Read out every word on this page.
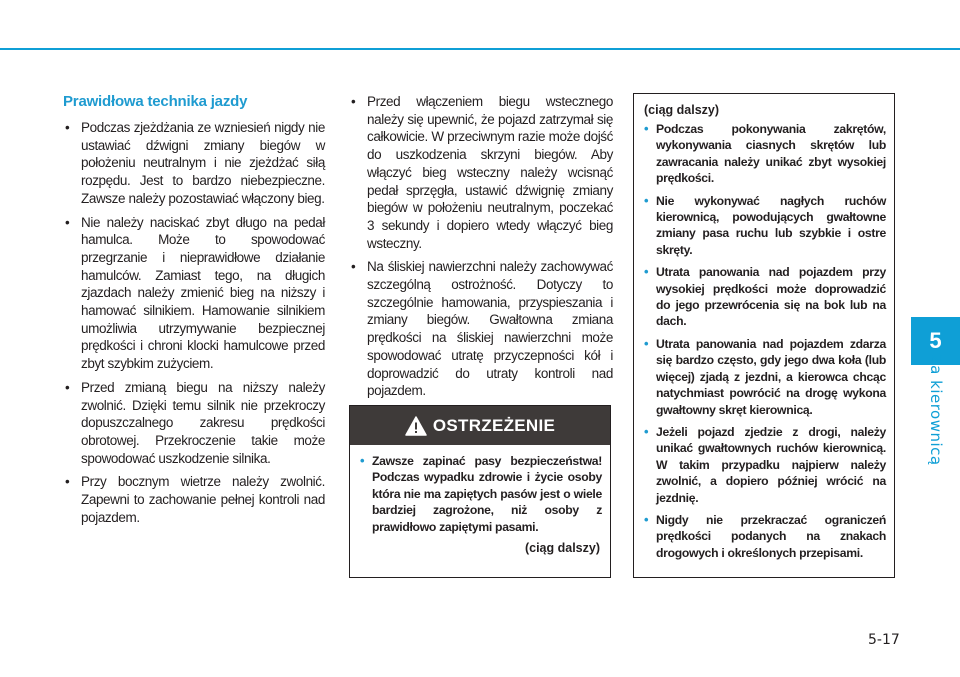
5
Za kierownicą
Prawidłowa technika jazdy
• Podczas zjeżdżania ze wzniesień nigdy nie ustawiać dźwigni zmiany biegów w położeniu neutralnym i nie zjeżdżać siłą rozpędu. Jest to bardzo niebezpieczne. Zawsze należy pozostawiać włączony bieg.
• Nie należy naciskać zbyt długo na pedał hamulca. Może to spowodować przegrzanie i nieprawidłowe działanie hamulców. Zamiast tego, na długich zjazdach należy zmienić bieg na niższy i hamować silnikiem. Hamowanie silnikiem umożliwia utrzymywanie bezpiecznej prędkości i chroni klocki hamulcowe przed zbyt szybkim zużyciem.
• Przed zmianą biegu na niższy należy zwolnić. Dzięki temu silnik nie przekroczy dopuszczalnego zakresu prędkości obrotowej. Przekroczenie takie może spowodować uszkodzenie silnika.
• Przy bocznym wietrze należy zwolnić. Zapewni to zachowanie pełnej kontroli nad pojazdem.
• Przed włączeniem biegu wstecznego należy się upewnić, że pojazd zatrzymał się całkowicie. W przeciwnym razie może dojść do uszkodzenia skrzyni biegów. Aby włączyć bieg wsteczny należy wcisnąć pedał sprzęgła, ustawić dźwignię zmiany biegów w położeniu neutralnym, poczekać 3 sekundy i dopiero wtedy włączyć bieg wsteczny.
• Na śliskiej nawierzchni należy zachowywać szczególną ostrożność. Dotyczy to szczególnie hamowania, przyspieszania i zmiany biegów. Gwałtowna zmiana prędkości na śliskiej nawierzchni może spowodować utratę przyczepności kół i doprowadzić do utraty kontroli nad pojazdem.
OSTRZEŻENIE
• Zawsze zapinać pasy bezpieczeństwa! Podczas wypadku zdrowie i życie osoby która nie ma zapiętych pasów jest o wiele bardziej zagrożone, niż osoby z prawidłowo zapiętymi pasami.
(ciąg dalszy)
(ciąg dalszy)
• Podczas pokonywania zakrętów, wykonywania ciasnych skrętów lub zawracania należy unikać zbyt wysokiej prędkości.
• Nie wykonywać nagłych ruchów kierownicą, powodujących gwałtowne zmiany pasa ruchu lub szybkie i ostre skręty.
• Utrata panowania nad pojazdem przy wysokiej prędkości może doprowadzić do jego przewrócenia się na bok lub na dach.
• Utrata panowania nad pojazdem zdarza się bardzo często, gdy jego dwa koła (lub więcej) zjadą z jezdni, a kierowca chcąc natychmiast powrócić na drogę wykona gwałtowny skręt kierownicą.
• Jeżeli pojazd zjedzie z drogi, należy unikać gwałtownych ruchów kierownicą. W takim przypadku najpierw należy zwolnić, a dopiero później wrócić na jezdnię.
• Nigdy nie przekraczać ograniczeń prędkości podanych na znakach drogowych i określonych przepisami.
5-17
